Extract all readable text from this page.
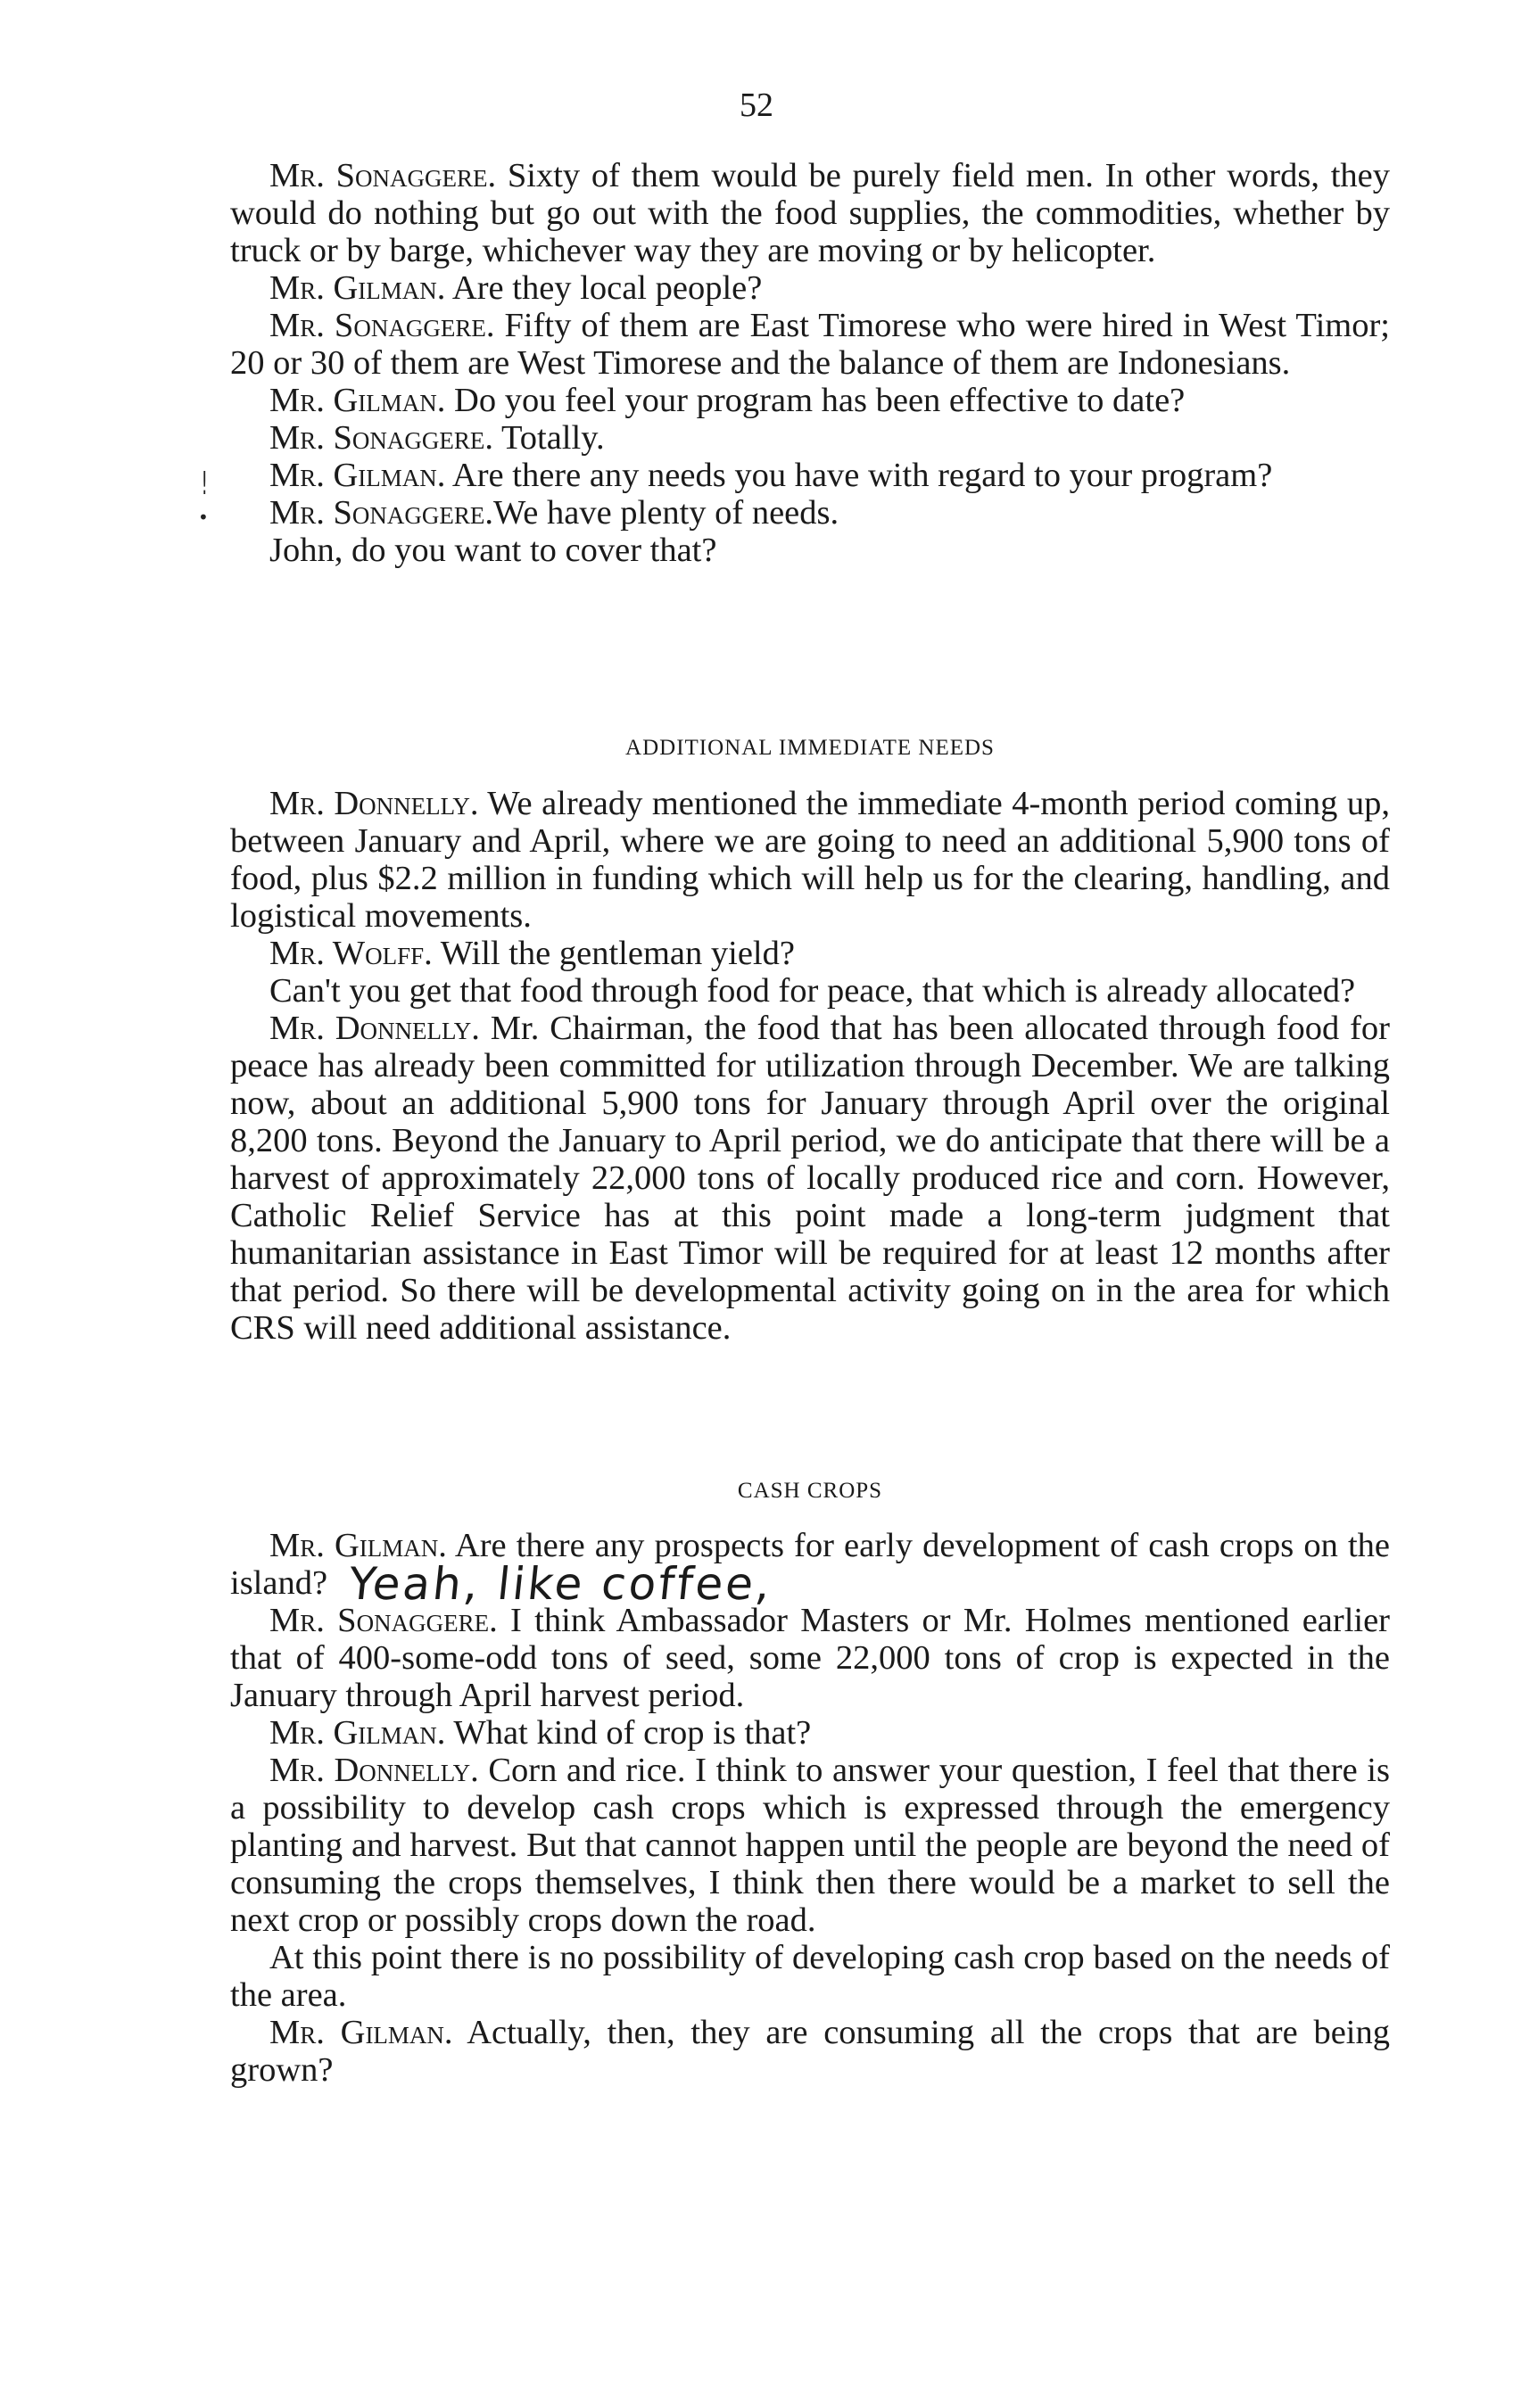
52
!
•

Mr. Sonaggere. Sixty of them would be purely field men. In other words, they would do nothing but go out with the food supplies, the commodities, whether by truck or by barge, whichever way they are moving or by helicopter.

Mr. Gilman. Are they local people?

Mr. Sonaggere. Fifty of them are East Timorese who were hired in West Timor; 20 or 30 of them are West Timorese and the balance of them are Indonesians.

Mr. Gilman. Do you feel your program has been effective to date?

Mr. Sonaggere. Totally.

Mr. Gilman. Are there any needs you have with regard to your program?

Mr. Sonaggere.We have plenty of needs.

John, do you want to cover that?

ADDITIONAL IMMEDIATE NEEDS

Mr. Donnelly. We already mentioned the immediate 4-month period coming up, between January and April, where we are going to need an additional 5,900 tons of food, plus $2.2 million in funding which will help us for the clearing, handling, and logistical movements.

Mr. Wolff. Will the gentleman yield?

Can't you get that food through food for peace, that which is already allocated?

Mr. Donnelly. Mr. Chairman, the food that has been allocated through food for peace has already been committed for utilization through December. We are talking now, about an additional 5,900 tons for January through April over the original 8,200 tons. Beyond the January to April period, we do anticipate that there will be a harvest of approximately 22,000 tons of locally produced rice and corn. However, Catholic Relief Service has at this point made a long-term judgment that humanitarian assistance in East Timor will be required for at least 12 months after that period. So there will be developmental activity going on in the area for which CRS will need additional assistance.

CASH CROPS

Mr. Gilman. Are there any prospects for early development of cash crops on the island? Yeah, like coffee,

Mr. Sonaggere. I think Ambassador Masters or Mr. Holmes mentioned earlier that of 400-some-odd tons of seed, some 22,000 tons of crop is expected in the January through April harvest period.

Mr. Gilman. What kind of crop is that?

Mr. Donnelly. Corn and rice. I think to answer your question, I feel that there is a possibility to develop cash crops which is expressed through the emergency planting and harvest. But that cannot happen until the people are beyond the need of consuming the crops themselves, I think then there would be a market to sell the next crop or possibly crops down the road.

At this point there is no possibility of developing cash crop based on the needs of the area.

Mr. Gilman. Actually, then, they are consuming all the crops that are being grown?
